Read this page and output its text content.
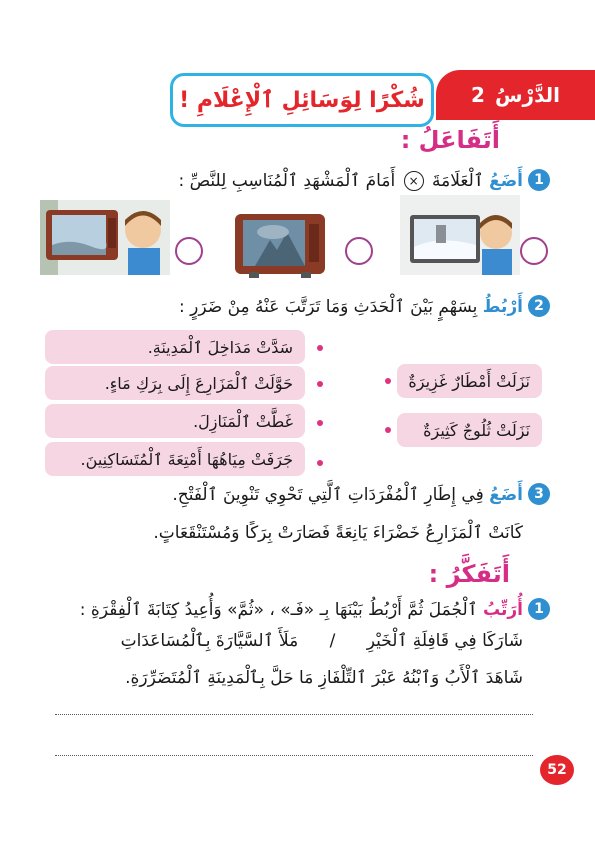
الدَّرْسُ
2
شُكْرًا لِوَسَائِلِ ٱلْإِعْلَامِ !
أَتَفَاعَلُ :
1
أَضَعُ ٱلْعَلَامَةَ × أَمَامَ ٱلْمَشْهَدِ ٱلْمُنَاسِبِ لِلنَّصِّ :
2
أَرْبُطُ بِسَهْمٍ بَيْنَ ٱلْحَدَثِ وَمَا تَرَتَّبَ عَنْهُ مِنْ ضَرَرٍ :
نَزَلَتْ أَمْطَارٌ غَزِيرَةٌ
نَزَلَتْ ثُلُوجٌ كَثِيرَةٌ
سَدَّتْ مَدَاخِلَ ٱلْمَدِينَةِ.
حَوَّلَتْ ٱلْمَزَارِعَ إِلَى بِرَكِ مَاءٍ.
غَطَّتْ ٱلْمَنَازِلَ.
جَرَفَتْ مِيَاهُهَا أَمْتِعَةَ ٱلْمُتَسَاكِنِينَ.
3
أَضَعُ فِي إِطَارِ ٱلْمُفْرَدَاتِ ٱلَّتِي تَحْوِي تَنْوِينَ ٱلْفَتْحِ.
كَانَتْ ٱلْمَزَارِعُ خَضْرَاءَ يَانِعَةً فَصَارَتْ بِرَكًا وَمُسْتَنْقَعَاتٍ.
أَتَفَكَّرُ :
1
أُرَتِّبُ ٱلْجُمَلَ ثُمَّ أَرْبُطُ بَيْنَهَا بِـ «فَـ» ، «ثُمَّ» وَأُعِيدُ كِتَابَةَ ٱلْفِقْرَةِ :
شَارَكَا فِي قَافِلَةِ ٱلْخَيْرِ / مَلَأَ ٱلسَّيَّارَةَ بِٱلْمُسَاعَدَاتِ
شَاهَدَ ٱلْأَبُ وَٱبْنُهُ عَبْرَ ٱلتِّلْفَازِ مَا حَلَّ بِٱلْمَدِينَةِ ٱلْمُتَضَرِّرَةِ.
52
